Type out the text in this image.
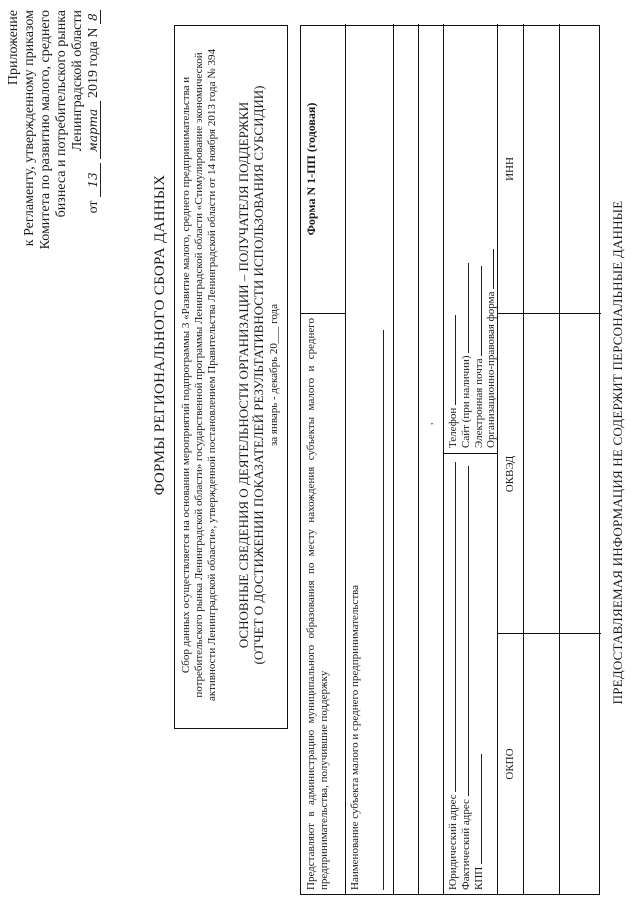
Приложение к Регламенту, утвержденному приказом Комитета по развитию малого, среднего бизнеса и потребительского рынка Ленинградской области
от 13 марта 2019 года N 8
ФОРМЫ РЕГИОНАЛЬНОГО СБОРА ДАННЫХ Сбор данных осуществляется на основании мероприятий подпрограммы 3 «Развитие малого, среднего предпринимательства и потребительского рынка Ленинградской области» государственной программы Ленинградской области «Стимулирование экономической активности Ленинградской области», утвержденной постановлением Правительства Ленинградской области от 14 ноября 2013 года № 394 ОСНОВНЫЕ СВЕДЕНИЯ О ДЕЯТЕЛЬНОСТИ ОРГАНИЗАЦИИ – ПОЛУЧАТЕЛЯ ПОДДЕРЖКИ (ОТЧЕТ О ДОСТИЖЕНИИ ПОКАЗАТЕЛЕЙ РЕЗУЛЬТАТИВНОСТИ ИСПОЛЬЗОВАНИЯ СУБСИДИИ) за январь - декабрь 20___ года	,
Представляют в администрацию муниципального образования по месту нахождения субъекты малого и среднего предпринимательства, получившие поддержку
Форма N 1-ПП (годовая)
Наименование субъекта малого и среднего предпринимательства	Юридический адрес Фактический адрес КПП
Телефон Сайт (при наличии) Электронная почта Организационно-правовая форма
ОКПО
ОКВЭД
ИНН
ПРЕДОСТАВЛЯЕМАЯ ИНФОРМАЦИЯ НЕ СОДЕРЖИТ ПЕРСОНАЛЬНЫЕ ДАННЫЕ
